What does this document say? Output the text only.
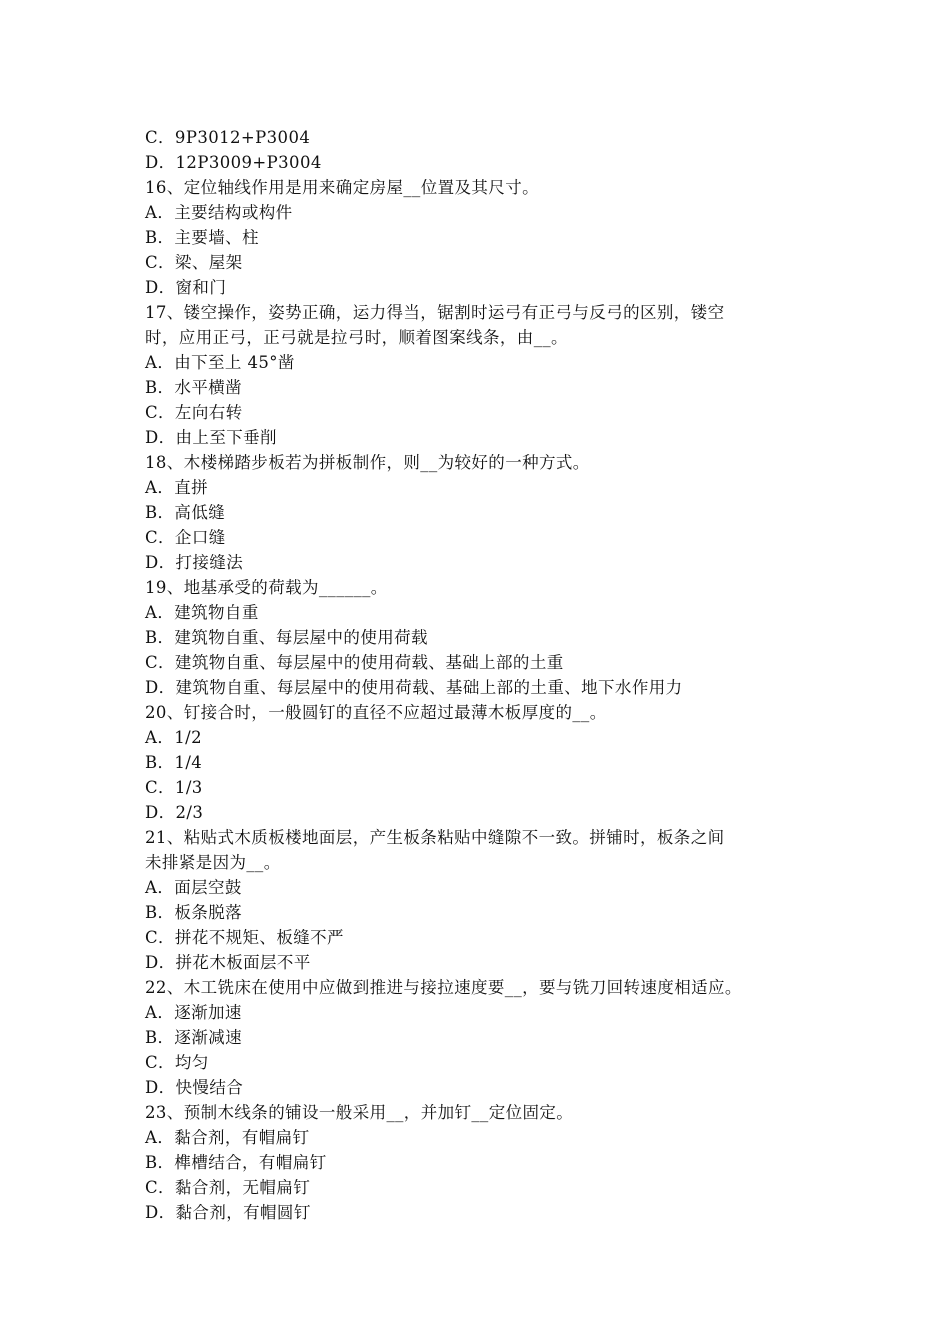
C．9P3012+P3004
D．12P3009+P3004
16、定位轴线作用是用来确定房屋__位置及其尺寸。
A．主要结构或构件
B．主要墙、柱
C．梁、屋架
D．窗和门
17、镂空操作，姿势正确，运力得当，锯割时运弓有正弓与反弓的区别，镂空
时，应用正弓，正弓就是拉弓时，顺着图案线条，由__。
A．由下至上 45°凿
B．水平横凿
C．左向右转
D．由上至下垂削
18、木楼梯踏步板若为拼板制作，则__为较好的一种方式。
A．直拼
B．高低缝
C．企口缝
D．打接缝法
19、地基承受的荷载为______。
A．建筑物自重
B．建筑物自重、每层屋中的使用荷载
C．建筑物自重、每层屋中的使用荷载、基础上部的土重
D．建筑物自重、每层屋中的使用荷载、基础上部的土重、地下水作用力
20、钉接合时，一般圆钉的直径不应超过最薄木板厚度的__。
A．1/2
B．1/4
C．1/3
D．2/3
21、粘贴式木质板楼地面层，产生板条粘贴中缝隙不一致。拼铺时，板条之间
未排紧是因为__。
A．面层空鼓
B．板条脱落
C．拼花不规矩、板缝不严
D．拼花木板面层不平
22、木工铣床在使用中应做到推进与接拉速度要__，要与铣刀回转速度相适应。
A．逐渐加速
B．逐渐减速
C．均匀
D．快慢结合
23、预制木线条的铺设一般采用__，并加钉__定位固定。
A．黏合剂，有帽扁钉
B．榫槽结合，有帽扁钉
C．黏合剂，无帽扁钉
D．黏合剂，有帽圆钉
